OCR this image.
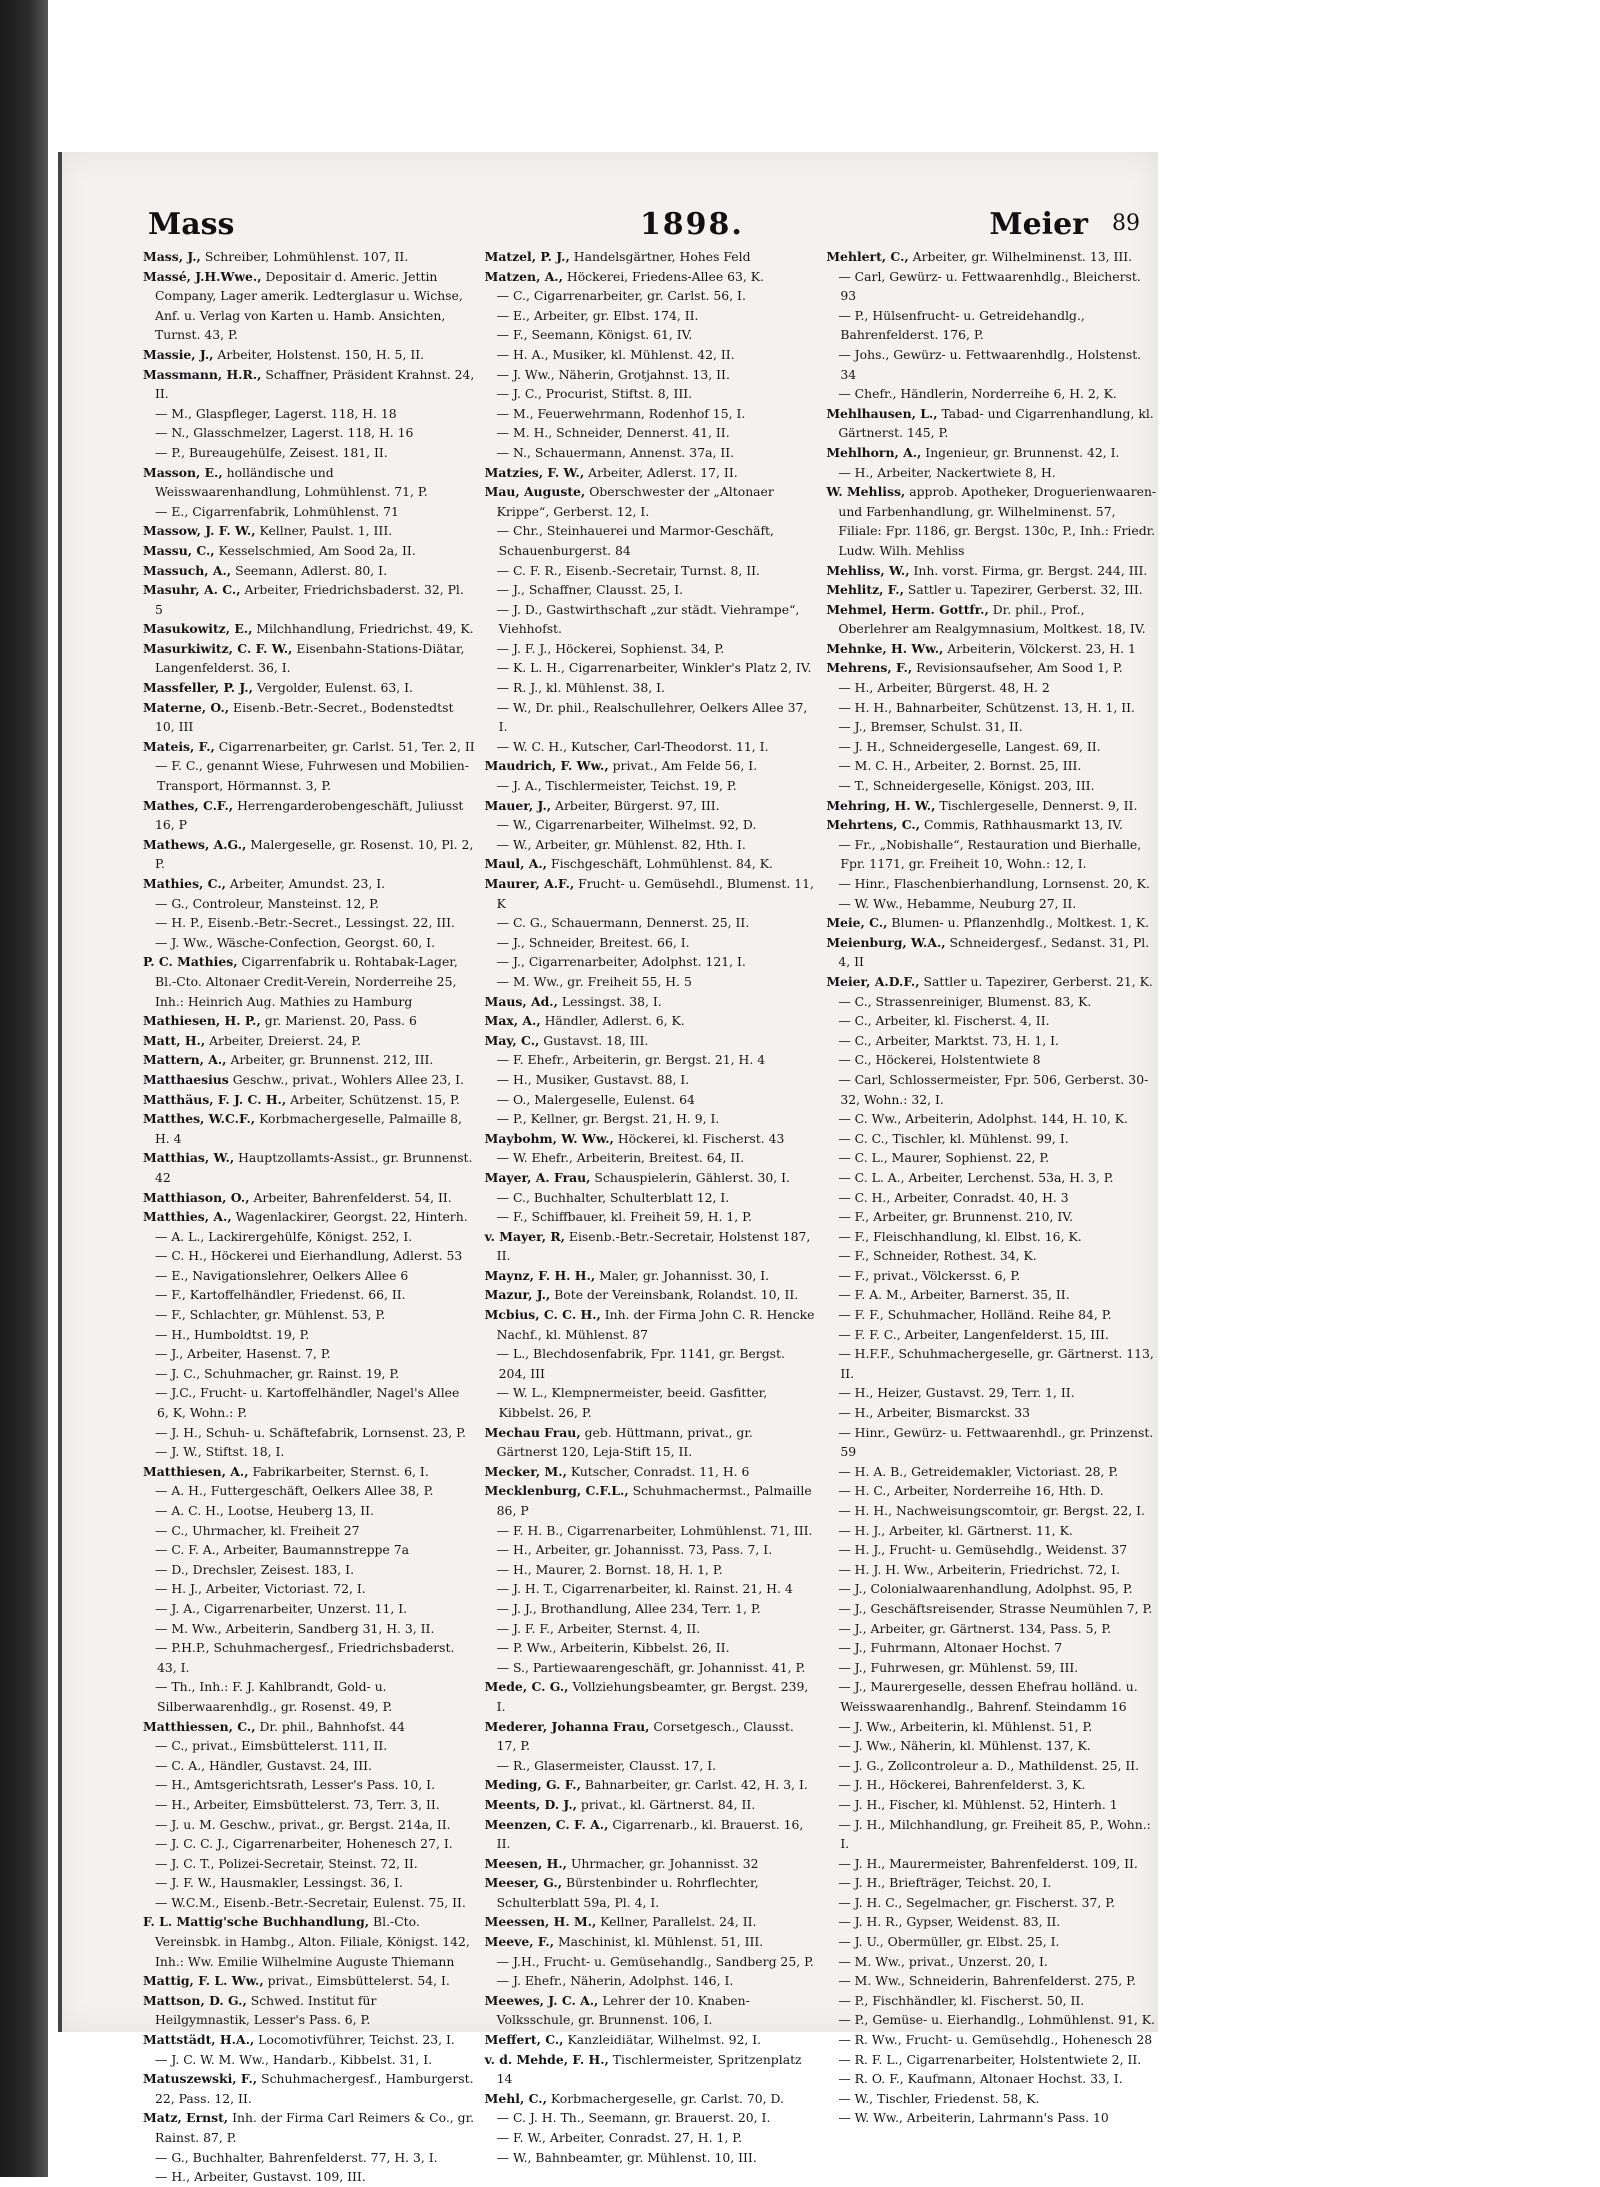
Mass	1898.	Meier 89

Mass, J., Schreiber, Lohmühlenst. 107, II.

Massé, J.H.Wwe., Depositair d. Americ. Jettin Company, Lager amerik. Ledterglasur u. Wichse, Anf. u. Verlag von Karten u. Hamb. Ansichten, Turnst. 43, P.

Massie, J., Arbeiter, Holstenst. 150, H. 5, II.

Massmann, H.R., Schaffner, Präsident Krahnst. 24, II.

— M., Glaspfleger, Lagerst. 118, H. 18

— N., Glasschmelzer, Lagerst. 118, H. 16

— P., Bureaugehülfe, Zeisest. 181, II.

Masson, E., holländische und Weisswaarenhandlung, Lohmühlenst. 71, P.

— E., Cigarrenfabrik, Lohmühlenst. 71

Massow, J. F. W., Kellner, Paulst. 1, III.

Massu, C., Kesselschmied, Am Sood 2a, II.

Massuch, A., Seemann, Adlerst. 80, I.

Masuhr, A. C., Arbeiter, Friedrichsbaderst. 32, Pl. 5

Masukowitz, E., Milchhandlung, Friedrichst. 49, K.

Masurkiwitz, C. F. W., Eisenbahn-Stations-Diätar, Langenfelderst. 36, I.

Massfeller, P. J., Vergolder, Eulenst. 63, I.

Materne, O., Eisenb.-Betr.-Secret., Bodenstedtst 10, III

Mateis, F., Cigarrenarbeiter, gr. Carlst. 51, Ter. 2, II

— F. C., genannt Wiese, Fuhrwesen und Mobilien-Transport, Hörmannst. 3, P.

Mathes, C.F., Herrengarderobengeschäft, Juliusst 16, P

Mathews, A.G., Malergeselle, gr. Rosenst. 10, Pl. 2, P.

Mathies, C., Arbeiter, Amundst. 23, I.

— G., Controleur, Mansteinst. 12, P.

— H. P., Eisenb.-Betr.-Secret., Lessingst. 22, III.

— J. Ww., Wäsche-Confection, Georgst. 60, I.

P. C. Mathies, Cigarrenfabrik u. Rohtabak-Lager, Bl.-Cto. Altonaer Credit-Verein, Norderreihe 25, Inh.: Heinrich Aug. Mathies zu Hamburg

Mathiesen, H. P., gr. Marienst. 20, Pass. 6

Matt, H., Arbeiter, Dreierst. 24, P.

Mattern, A., Arbeiter, gr. Brunnenst. 212, III.

Matthaesius Geschw., privat., Wohlers Allee 23, I.

Matthäus, F. J. C. H., Arbeiter, Schützenst. 15, P.

Matthes, W.C.F., Korbmachergeselle, Palmaille 8, H. 4

Matthias, W., Hauptzollamts-Assist., gr. Brunnenst. 42

Matthiason, O., Arbeiter, Bahrenfelderst. 54, II.

Matthies, A., Wagenlackirer, Georgst. 22, Hinterh.

— A. L., Lackirergehülfe, Königst. 252, I.

— C. H., Höckerei und Eierhandlung, Adlerst. 53

— E., Navigationslehrer, Oelkers Allee 6

— F., Kartoffelhändler, Friedenst. 66, II.

— F., Schlachter, gr. Mühlenst. 53, P.

— H., Humboldtst. 19, P.

— J., Arbeiter, Hasenst. 7, P.

— J. C., Schuhmacher, gr. Rainst. 19, P.

— J.C., Frucht- u. Kartoffelhändler, Nagel's Allee 6, K, Wohn.: P.

— J. H., Schuh- u. Schäftefabrik, Lornsenst. 23, P.

— J. W., Stiftst. 18, I.

Matthiesen, A., Fabrikarbeiter, Sternst. 6, I.

— A. H., Futtergeschäft, Oelkers Allee 38, P.

— A. C. H., Lootse, Heuberg 13, II.

— C., Uhrmacher, kl. Freiheit 27

— C. F. A., Arbeiter, Baumannstreppe 7a

— D., Drechsler, Zeisest. 183, I.

— H. J., Arbeiter, Victoriast. 72, I.

— J. A., Cigarrenarbeiter, Unzerst. 11, I.

— M. Ww., Arbeiterin, Sandberg 31, H. 3, II.

— P.H.P., Schuhmachergesf., Friedrichsbaderst. 43, I.

— Th., Inh.: F. J. Kahlbrandt, Gold- u. Silberwaarenhdlg., gr. Rosenst. 49, P.

Matthiessen, C., Dr. phil., Bahnhofst. 44

— C., privat., Eimsbüttelerst. 111, II.

— C. A., Händler, Gustavst. 24, III.

— H., Amtsgerichtsrath, Lesser's Pass. 10, I.

— H., Arbeiter, Eimsbüttelerst. 73, Terr. 3, II.

— J. u. M. Geschw., privat., gr. Bergst. 214a, II.

— J. C. C. J., Cigarrenarbeiter, Hohenesch 27, I.

— J. C. T., Polizei-Secretair, Steinst. 72, II.

— J. F. W., Hausmakler, Lessingst. 36, I.

— W.C.M., Eisenb.-Betr.-Secretair, Eulenst. 75, II.

F. L. Mattig'sche Buchhandlung, Bl.-Cto. Vereinsbk. in Hambg., Alton. Filiale, Königst. 142, Inh.: Ww. Emilie Wilhelmine Auguste Thiemann

Mattig, F. L. Ww., privat., Eimsbüttelerst. 54, I.

Mattson, D. G., Schwed. Institut für Heilgymnastik, Lesser's Pass. 6, P.

Mattstädt, H.A., Locomotivführer, Teichst. 23, I.

— J. C. W. M. Ww., Handarb., Kibbelst. 31, I.

Matuszewski, F., Schuhmachergesf., Hamburgerst. 22, Pass. 12, II.

Matz, Ernst, Inh. der Firma Carl Reimers & Co., gr. Rainst. 87, P.

— G., Buchhalter, Bahrenfelderst. 77, H. 3, I.

— H., Arbeiter, Gustavst. 109, III.

Matzel, P. J., Handelsgärtner, Hohes Feld

Matzen, A., Höckerei, Friedens-Allee 63, K.

— C., Cigarrenarbeiter, gr. Carlst. 56, I.

— E., Arbeiter, gr. Elbst. 174, II.

— F., Seemann, Königst. 61, IV.

— H. A., Musiker, kl. Mühlenst. 42, II.

— J. Ww., Näherin, Grotjahnst. 13, II.

— J. C., Procurist, Stiftst. 8, III.

— M., Feuerwehrmann, Rodenhof 15, I.

— M. H., Schneider, Dennerst. 41, II.

— N., Schauermann, Annenst. 37a, II.

Matzies, F. W., Arbeiter, Adlerst. 17, II.

Mau, Auguste, Oberschwester der „Altonaer Krippe“, Gerberst. 12, I.

— Chr., Steinhauerei und Marmor-Geschäft, Schauenburgerst. 84

— C. F. R., Eisenb.-Secretair, Turnst. 8, II.

— J., Schaffner, Clausst. 25, I.

— J. D., Gastwirthschaft „zur städt. Viehrampe“, Viehhofst.

— J. F. J., Höckerei, Sophienst. 34, P.

— K. L. H., Cigarrenarbeiter, Winkler's Platz 2, IV.

— R. J., kl. Mühlenst. 38, I.

— W., Dr. phil., Realschullehrer, Oelkers Allee 37, I.

— W. C. H., Kutscher, Carl-Theodorst. 11, I.

Maudrich, F. Ww., privat., Am Felde 56, I.

— J. A., Tischlermeister, Teichst. 19, P.

Mauer, J., Arbeiter, Bürgerst. 97, III.

— W., Cigarrenarbeiter, Wilhelmst. 92, D.

— W., Arbeiter, gr. Mühlenst. 82, Hth. I.

Maul, A., Fischgeschäft, Lohmühlenst. 84, K.

Maurer, A.F., Frucht- u. Gemüsehdl., Blumenst. 11, K

— C. G., Schauermann, Dennerst. 25, II.

— J., Schneider, Breitest. 66, I.

— J., Cigarrenarbeiter, Adolphst. 121, I.

— M. Ww., gr. Freiheit 55, H. 5

Maus, Ad., Lessingst. 38, I.

Max, A., Händler, Adlerst. 6, K.

May, C., Gustavst. 18, III.

— F. Ehefr., Arbeiterin, gr. Bergst. 21, H. 4

— H., Musiker, Gustavst. 88, I.

— O., Malergeselle, Eulenst. 64

— P., Kellner, gr. Bergst. 21, H. 9, I.

Maybohm, W. Ww., Höckerei, kl. Fischerst. 43

— W. Ehefr., Arbeiterin, Breitest. 64, II.

Mayer, A. Frau, Schauspielerin, Gählerst. 30, I.

— C., Buchhalter, Schulterblatt 12, I.

— F., Schiffbauer, kl. Freiheit 59, H. 1, P.

v. Mayer, R, Eisenb.-Betr.-Secretair, Holstenst 187, II.

Maynz, F. H. H., Maler, gr. Johannisst. 30, I.

Mazur, J., Bote der Vereinsbank, Rolandst. 10, II.

Mcbius, C. C. H., Inh. der Firma John C. R. Hencke Nachf., kl. Mühlenst. 87

— L., Blechdosenfabrik, Fpr. 1141, gr. Bergst. 204, III

— W. L., Klempnermeister, beeid. Gasfitter, Kibbelst. 26, P.

Mechau Frau, geb. Hüttmann, privat., gr. Gärtnerst 120, Leja-Stift 15, II.

Mecker, M., Kutscher, Conradst. 11, H. 6

Mecklenburg, C.F.L., Schuhmachermst., Palmaille 86, P

— F. H. B., Cigarrenarbeiter, Lohmühlenst. 71, III.

— H., Arbeiter, gr. Johannisst. 73, Pass. 7, I.

— H., Maurer, 2. Bornst. 18, H. 1, P.

— J. H. T., Cigarrenarbeiter, kl. Rainst. 21, H. 4

— J. J., Brothandlung, Allee 234, Terr. 1, P.

— J. F. F., Arbeiter, Sternst. 4, II.

— P. Ww., Arbeiterin, Kibbelst. 26, II.

— S., Partiewaarengeschäft, gr. Johannisst. 41, P.

Mede, C. G., Vollziehungsbeamter, gr. Bergst. 239, I.

Mederer, Johanna Frau, Corsetgesch., Clausst. 17, P.

— R., Glasermeister, Clausst. 17, I.

Meding, G. F., Bahnarbeiter, gr. Carlst. 42, H. 3, I.

Meents, D. J., privat., kl. Gärtnerst. 84, II.

Meenzen, C. F. A., Cigarrenarb., kl. Brauerst. 16, II.

Meesen, H., Uhrmacher, gr. Johannisst. 32

Meeser, G., Bürstenbinder u. Rohrflechter, Schulterblatt 59a, Pl. 4, I.

Meessen, H. M., Kellner, Parallelst. 24, II.

Meeve, F., Maschinist, kl. Mühlenst. 51, III.

— J.H., Frucht- u. Gemüsehandlg., Sandberg 25, P.

— J. Ehefr., Näherin, Adolphst. 146, I.

Meewes, J. C. A., Lehrer der 10. Knaben-Volksschule, gr. Brunnenst. 106, I.

Meffert, C., Kanzleidiätar, Wilhelmst. 92, I.

v. d. Mehde, F. H., Tischlermeister, Spritzenplatz 14

Mehl, C., Korbmachergeselle, gr. Carlst. 70, D.

— C. J. H. Th., Seemann, gr. Brauerst. 20, I.

— F. W., Arbeiter, Conradst. 27, H. 1, P.

— W., Bahnbeamter, gr. Mühlenst. 10, III.

Mehlert, C., Arbeiter, gr. Wilhelminenst. 13, III.

— Carl, Gewürz- u. Fettwaarenhdlg., Bleicherst. 93

— P., Hülsenfrucht- u. Getreidehandlg., Bahrenfelderst. 176, P.

— Johs., Gewürz- u. Fettwaarenhdlg., Holstenst. 34

— Chefr., Händlerin, Norderreihe 6, H. 2, K.

Mehlhausen, L., Tabad- und Cigarrenhandlung, kl. Gärtnerst. 145, P.

Mehlhorn, A., Ingenieur, gr. Brunnenst. 42, I.

— H., Arbeiter, Nackertwiete 8, H.

W. Mehliss, approb. Apotheker, Droguerienwaaren- und Farbenhandlung, gr. Wilhelminenst. 57, Filiale: Fpr. 1186, gr. Bergst. 130c, P., Inh.: Friedr. Ludw. Wilh. Mehliss

Mehliss, W., Inh. vorst. Firma, gr. Bergst. 244, III.

Mehlitz, F., Sattler u. Tapezirer, Gerberst. 32, III.

Mehmel, Herm. Gottfr., Dr. phil., Prof., Oberlehrer am Realgymnasium, Moltkest. 18, IV.

Mehnke, H. Ww., Arbeiterin, Völckerst. 23, H. 1

Mehrens, F., Revisionsaufseher, Am Sood 1, P.

— H., Arbeiter, Bürgerst. 48, H. 2

— H. H., Bahnarbeiter, Schützenst. 13, H. 1, II.

— J., Bremser, Schulst. 31, II.

— J. H., Schneidergeselle, Langest. 69, II.

— M. C. H., Arbeiter, 2. Bornst. 25, III.

— T., Schneidergeselle, Königst. 203, III.

Mehring, H. W., Tischlergeselle, Dennerst. 9, II.

Mehrtens, C., Commis, Rathhausmarkt 13, IV.

— Fr., „Nobishalle“, Restauration und Bierhalle, Fpr. 1171, gr. Freiheit 10, Wohn.: 12, I.

— Hinr., Flaschenbierhandlung, Lornsenst. 20, K.

— W. Ww., Hebamme, Neuburg 27, II.

Meie, C., Blumen- u. Pflanzenhdlg., Moltkest. 1, K.

Meienburg, W.A., Schneidergesf., Sedanst. 31, Pl. 4, II

Meier, A.D.F., Sattler u. Tapezirer, Gerberst. 21, K.

— C., Strassenreiniger, Blumenst. 83, K.

— C., Arbeiter, kl. Fischerst. 4, II.

— C., Arbeiter, Marktst. 73, H. 1, I.

— C., Höckerei, Holstentwiete 8

— Carl, Schlossermeister, Fpr. 506, Gerberst. 30-32, Wohn.: 32, I.

— C. Ww., Arbeiterin, Adolphst. 144, H. 10, K.

— C. C., Tischler, kl. Mühlenst. 99, I.

— C. L., Maurer, Sophienst. 22, P.

— C. L. A., Arbeiter, Lerchenst. 53a, H. 3, P.

— C. H., Arbeiter, Conradst. 40, H. 3

— F., Arbeiter, gr. Brunnenst. 210, IV.

— F., Fleischhandlung, kl. Elbst. 16, K.

— F., Schneider, Rothest. 34, K.

— F., privat., Völckersst. 6, P.

— F. A. M., Arbeiter, Barnerst. 35, II.

— F. F., Schuhmacher, Holländ. Reihe 84, P.

— F. F. C., Arbeiter, Langenfelderst. 15, III.

— H.F.F., Schuhmachergeselle, gr. Gärtnerst. 113, II.

— H., Heizer, Gustavst. 29, Terr. 1, II.

— H., Arbeiter, Bismarckst. 33

— Hinr., Gewürz- u. Fettwaarenhdl., gr. Prinzenst. 59

— H. A. B., Getreidemakler, Victoriast. 28, P.

— H. C., Arbeiter, Norderreihe 16, Hth. D.

— H. H., Nachweisungscomtoir, gr. Bergst. 22, I.

— H. J., Arbeiter, kl. Gärtnerst. 11, K.

— H. J., Frucht- u. Gemüsehdlg., Weidenst. 37

— H. J. H. Ww., Arbeiterin, Friedrichst. 72, I.

— J., Colonialwaarenhandlung, Adolphst. 95, P.

— J., Geschäftsreisender, Strasse Neumühlen 7, P.

— J., Arbeiter, gr. Gärtnerst. 134, Pass. 5, P.

— J., Fuhrmann, Altonaer Hochst. 7

— J., Fuhrwesen, gr. Mühlenst. 59, III.

— J., Maurergeselle, dessen Ehefrau holländ. u. Weisswaarenhandlg., Bahrenf. Steindamm 16

— J. Ww., Arbeiterin, kl. Mühlenst. 51, P.

— J. Ww., Näherin, kl. Mühlenst. 137, K.

— J. G., Zollcontroleur a. D., Mathildenst. 25, II.

— J. H., Höckerei, Bahrenfelderst. 3, K.

— J. H., Fischer, kl. Mühlenst. 52, Hinterh. 1

— J. H., Milchhandlung, gr. Freiheit 85, P., Wohn.: I.

— J. H., Maurermeister, Bahrenfelderst. 109, II.

— J. H., Briefträger, Teichst. 20, I.

— J. H. C., Segelmacher, gr. Fischerst. 37, P.

— J. H. R., Gypser, Weidenst. 83, II.

— J. U., Obermüller, gr. Elbst. 25, I.

— M. Ww., privat., Unzerst. 20, I.

— M. Ww., Schneiderin, Bahrenfelderst. 275, P.

— P., Fischhändler, kl. Fischerst. 50, II.

— P., Gemüse- u. Eierhandlg., Lohmühlenst. 91, K.

— R. Ww., Frucht- u. Gemüsehdlg., Hohenesch 28

— R. F. L., Cigarrenarbeiter, Holstentwiete 2, II.

— R. O. F., Kaufmann, Altonaer Hochst. 33, I.

— W., Tischler, Friedenst. 58, K.

— W. Ww., Arbeiterin, Lahrmann's Pass. 10
